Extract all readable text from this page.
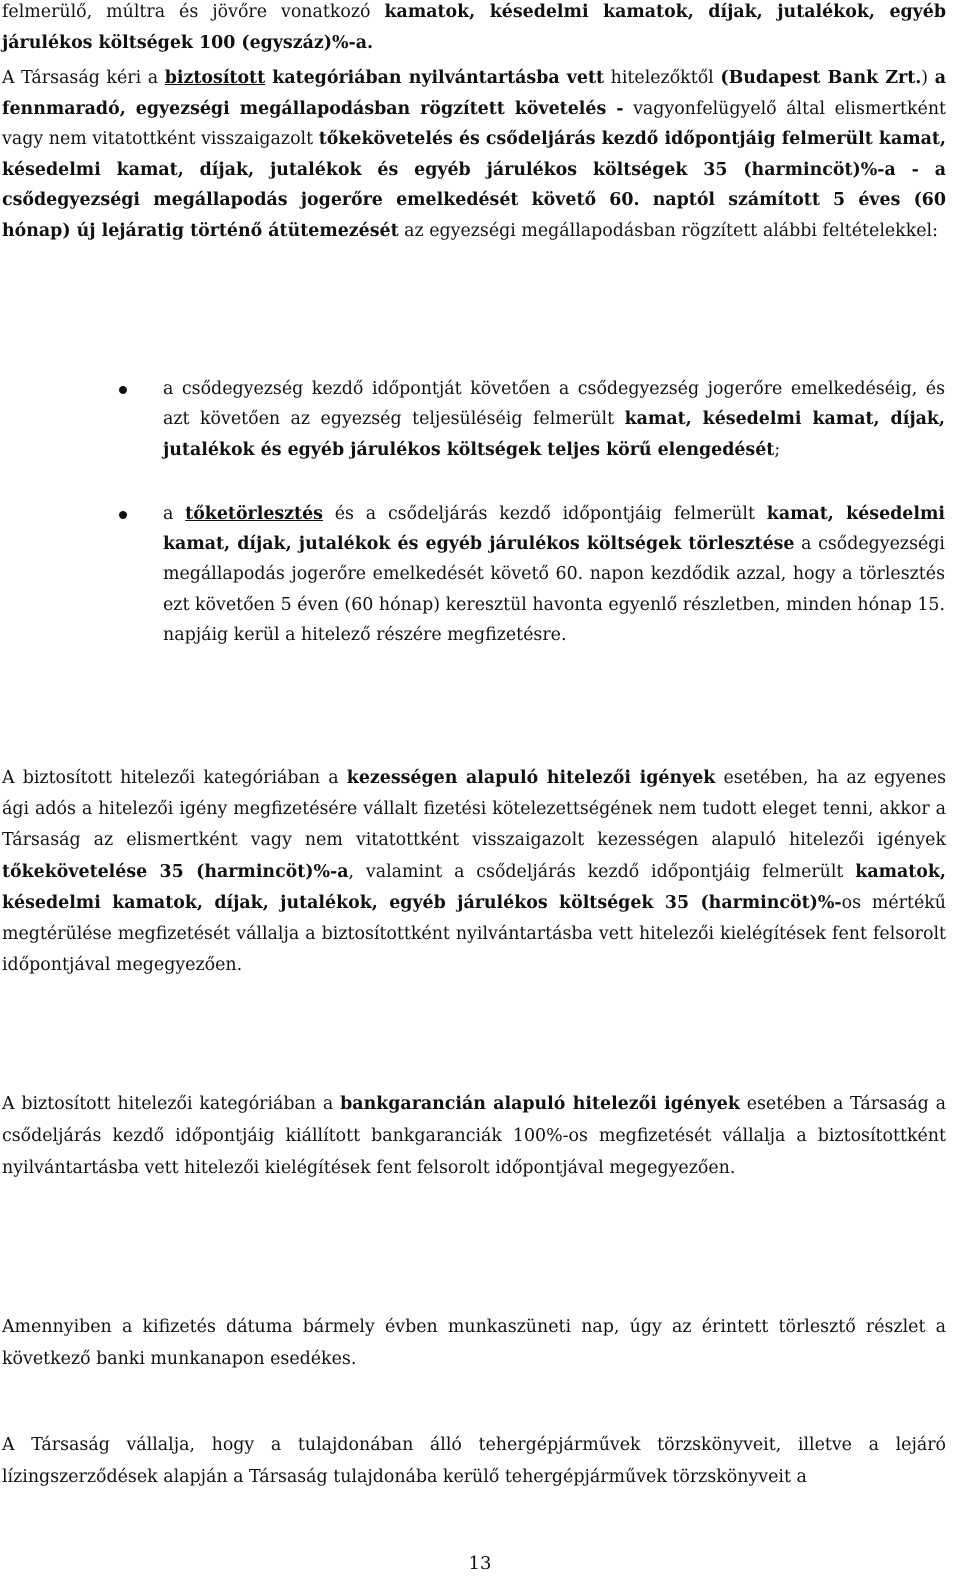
felmerülő, múltra és jövőre vonatkozó kamatok, késedelmi kamatok, díjak, jutalékok, egyéb járulékos költségek 100 (egyszáz)%-a.

A Társaság kéri a biztosított kategóriában nyilvántartásba vett hitelezőktől (Budapest Bank Zrt.) a fennmaradó, egyezségi megállapodásban rögzített követelés - vagyonfelügyelő által elismertként vagy nem vitatottként visszaigazolt tőkekövetelés és csődeljárás kezdő időpontjáig felmerült kamat, késedelmi kamat, díjak, jutalékok és egyéb járulékos költségek 35 (harmincöt)%-a - a csődegyezségi megállapodás jogerőre emelkedését követő 60. naptól számított 5 éves (60 hónap) új lejáratig történő átütemezését az egyezségi megállapodásban rögzített alábbi feltételekkel:

a csődegyezség kezdő időpontját követően a csődegyezség jogerőre emelkedéséig, és azt követően az egyezség teljesüléséig felmerült kamat, késedelmi kamat, díjak, jutalékok és egyéb járulékos költségek teljes körű elengedését;

a tőketörlesztés és a csődeljárás kezdő időpontjáig felmerült kamat, késedelmi kamat, díjak, jutalékok és egyéb járulékos költségek törlesztése a csődegyezségi megállapodás jogerőre emelkedését követő 60. napon kezdődik azzal, hogy a törlesztés ezt követően 5 éven (60 hónap) keresztül havonta egyenlő részletben, minden hónap 15. napjáig kerül a hitelező részére megfizetésre.

A biztosított hitelezői kategóriában a kezességen alapuló hitelezői igények esetében, ha az egyenes ági adós a hitelezői igény megfizetésére vállalt fizetési kötelezettségének nem tudott eleget tenni, akkor a Társaság az elismertként vagy nem vitatottként visszaigazolt kezességen alapuló hitelezői igények tőkekövetelése 35 (harmincöt)%-a, valamint a csődeljárás kezdő időpontjáig felmerült kamatok, késedelmi kamatok, díjak, jutalékok, egyéb járulékos költségek 35 (harmincöt)%-os mértékű megtérülése megfizetését vállalja a biztosítottként nyilvántartásba vett hitelezői kielégítések fent felsorolt időpontjával megegyezően.

A biztosított hitelezői kategóriában a bankgarancián alapuló hitelezői igények esetében a Társaság a csődeljárás kezdő időpontjáig kiállított bankgaranciák 100%-os megfizetését vállalja a biztosítottként nyilvántartásba vett hitelezői kielégítések fent felsorolt időpontjával megegyezően.

Amennyiben a kifizetés dátuma bármely évben munkaszüneti nap, úgy az érintett törlesztő részlet a következő banki munkanapon esedékes.

A Társaság vállalja, hogy a tulajdonában álló tehergépjárművek törzskönyveit, illetve a lejáró lízingszerződések alapján a Társaság tulajdonába kerülő tehergépjárművek törzskönyveit a

13
